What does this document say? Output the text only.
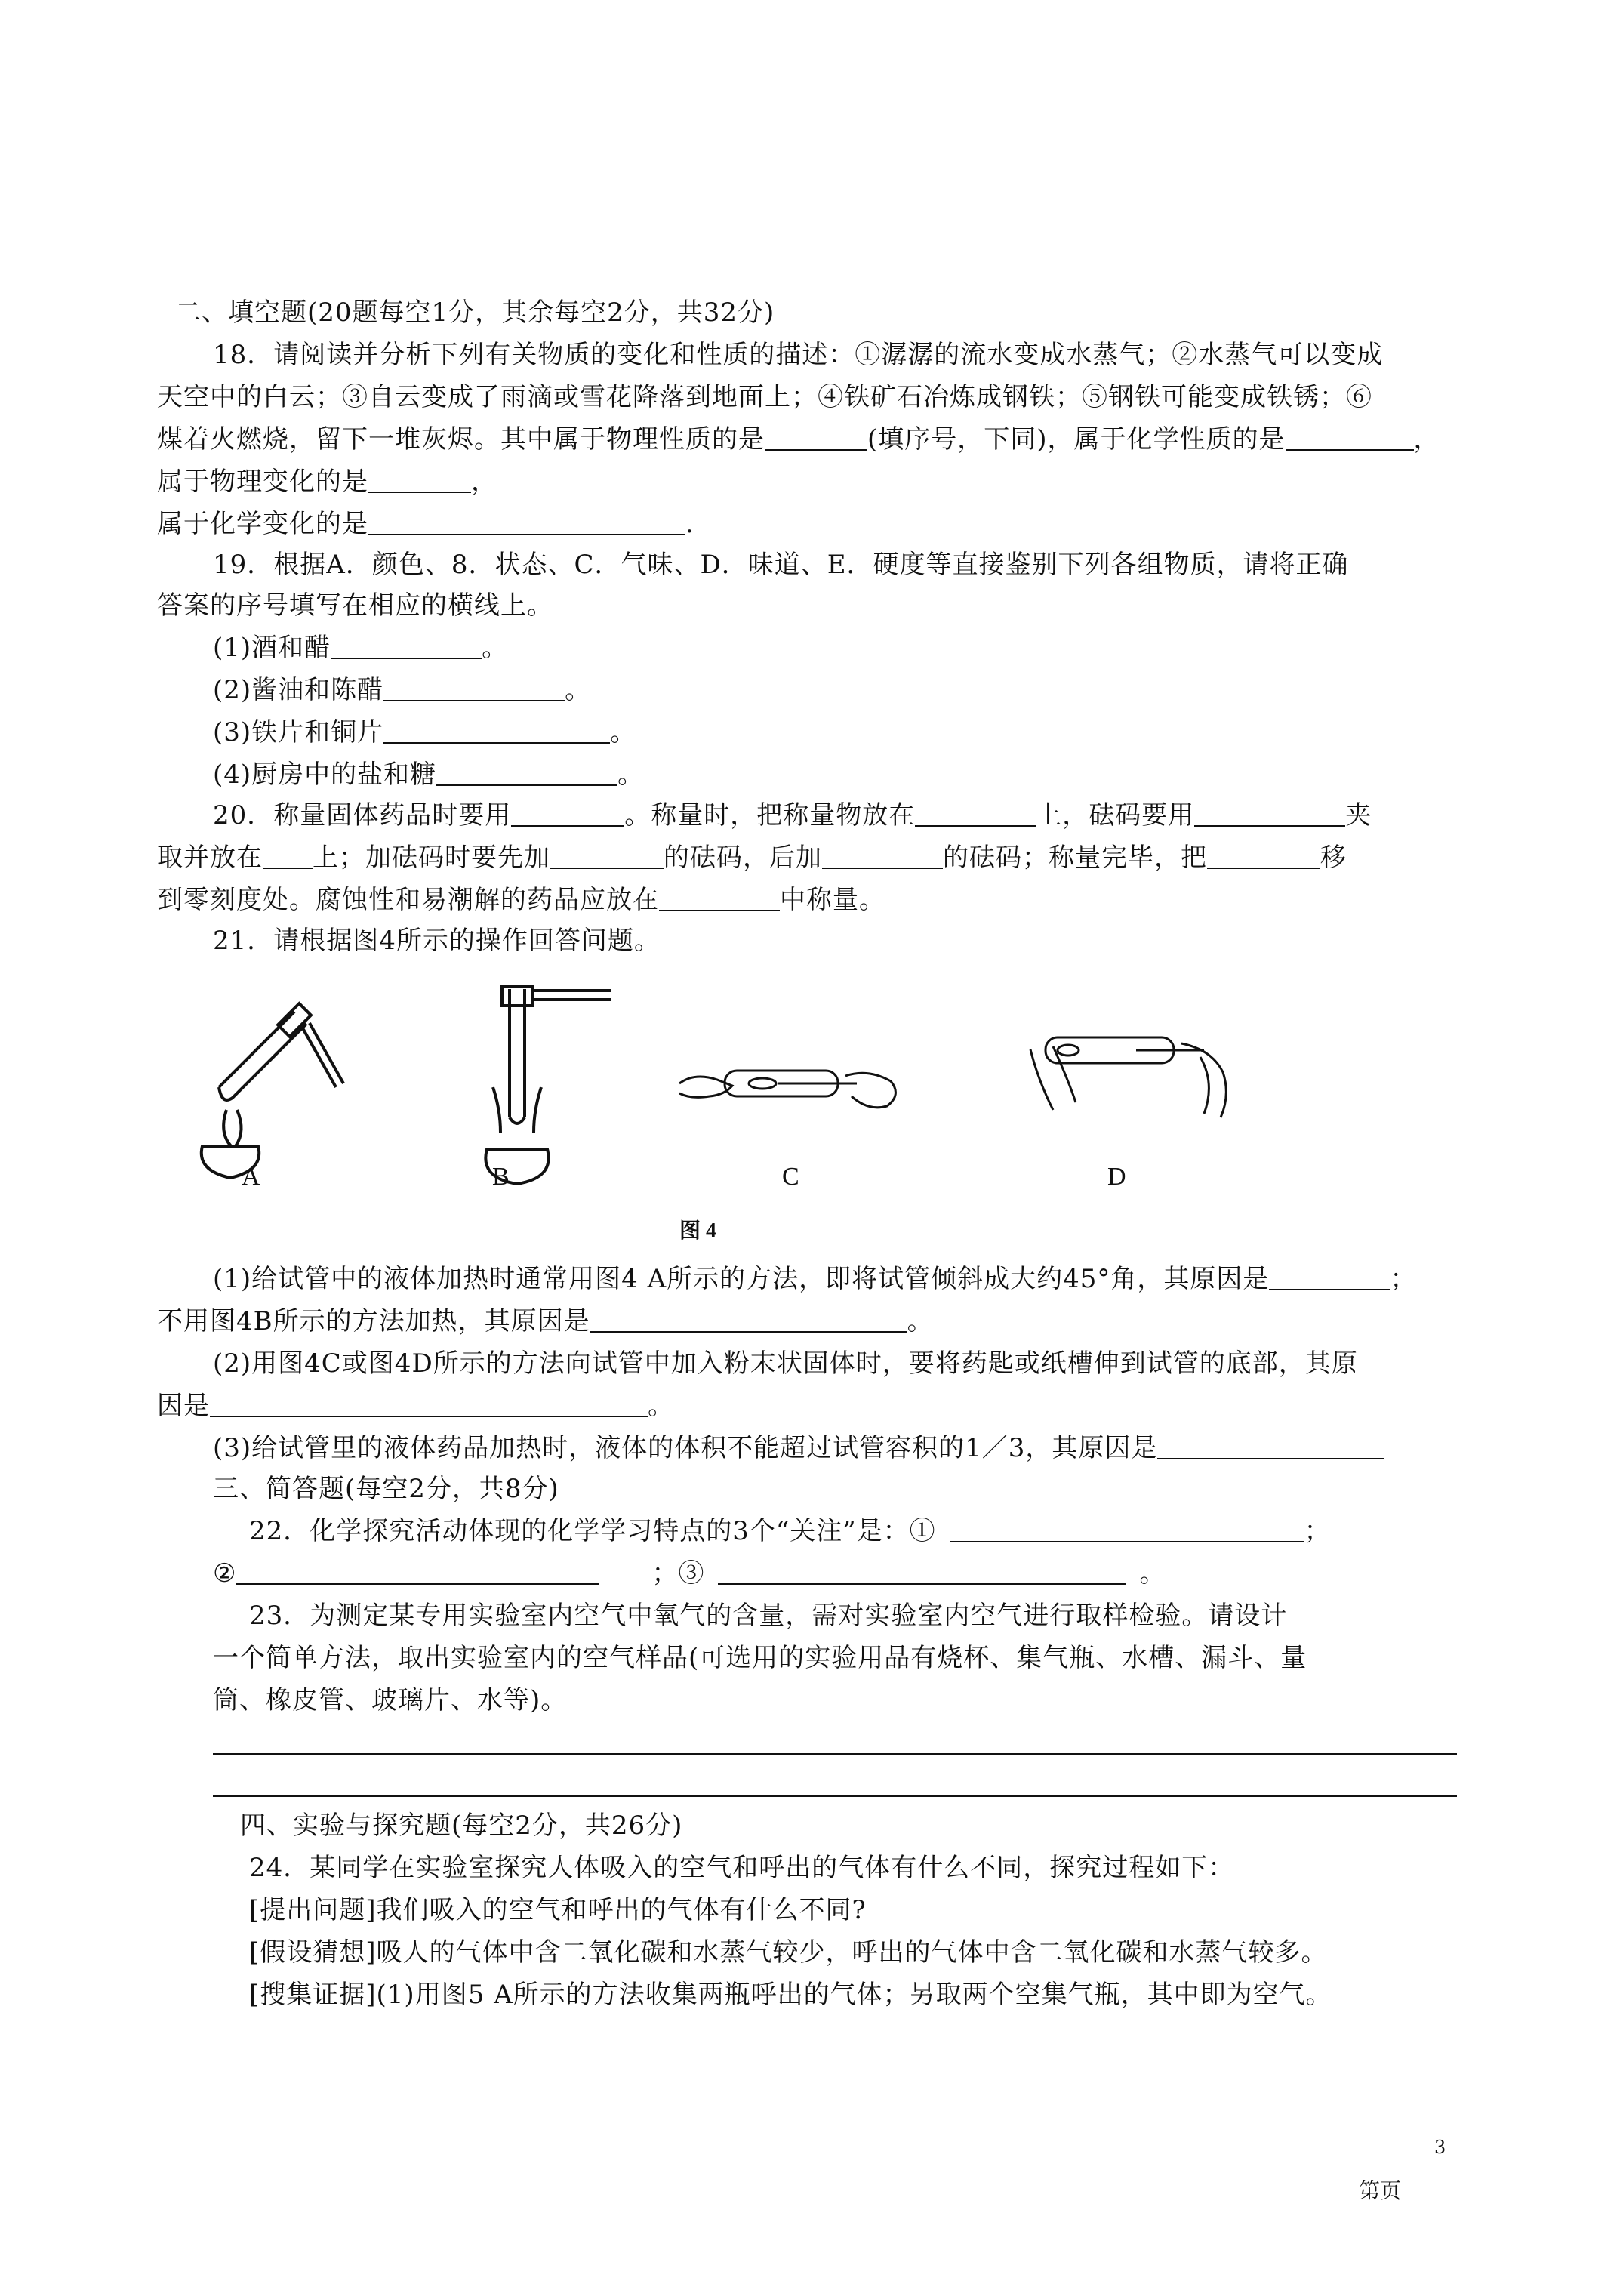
二、填空题(20题每空1分，其余每空2分，共32分)
18．请阅读并分析下列有关物质的变化和性质的描述：①潺潺的流水变成水蒸气；②水蒸气可以变成
天空中的白云；③自云变成了雨滴或雪花降落到地面上；④铁矿石冶炼成钢铁；⑤钢铁可能变成铁锈；⑥
煤着火燃烧，留下一堆灰烬。其中属于物理性质的是	(填序号，下同)，属于化学性质的是	，
属于物理变化的是	，
属于化学变化的是	.
19．根据A．颜色、8．状态、C．气味、D．味道、E．硬度等直接鉴别下列各组物质，请将正确
答案的序号填写在相应的横线上。
(1)酒和醋	。
(2)酱油和陈醋	。
(3)铁片和铜片	。
(4)厨房中的盐和糖	。
20．称量固体药品时要用	。称量时，把称量物放在	上，砝码要用	夹
取并放在 上；加砝码时要先加	的砝码，后加	的砝码；称量完毕，把	移
到零刻度处。腐蚀性和易潮解的药品应放在	中称量。
21．请根据图4所示的操作回答问题。
A	B	C	D
图 4
(1)给试管中的液体加热时通常用图4 A所示的方法，即将试管倾斜成大约45°角，其原因是	；
不用图4B所示的方法加热，其原因是	。
(2)用图4C或图4D所示的方法向试管中加入粉末状固体时，要将药匙或纸槽伸到试管的底部，其原
因是	。
(3)给试管里的液体药品加热时，液体的体积不能超过试管容积的1／3，其原因是
三、简答题(每空2分，共8分)
22．化学探究活动体现的化学学习特点的3个“关注”是：①	；
②	；③	。
23．为测定某专用实验室内空气中氧气的含量，需对实验室内空气进行取样检验。请设计
一个简单方法，取出实验室内的空气样品(可选用的实验用品有烧杯、集气瓶、水槽、漏斗、量
筒、橡皮管、玻璃片、水等)。
四、实验与探究题(每空2分，共26分)
24．某同学在实验室探究人体吸入的空气和呼出的气体有什么不同，探究过程如下：
[提出问题]我们吸入的空气和呼出的气体有什么不同?
[假设猜想]吸人的气体中含二氧化碳和水蒸气较少，呼出的气体中含二氧化碳和水蒸气较多。
[搜集证据](1)用图5 A所示的方法收集两瓶呼出的气体；另取两个空集气瓶，其中即为空气。
3
第页
